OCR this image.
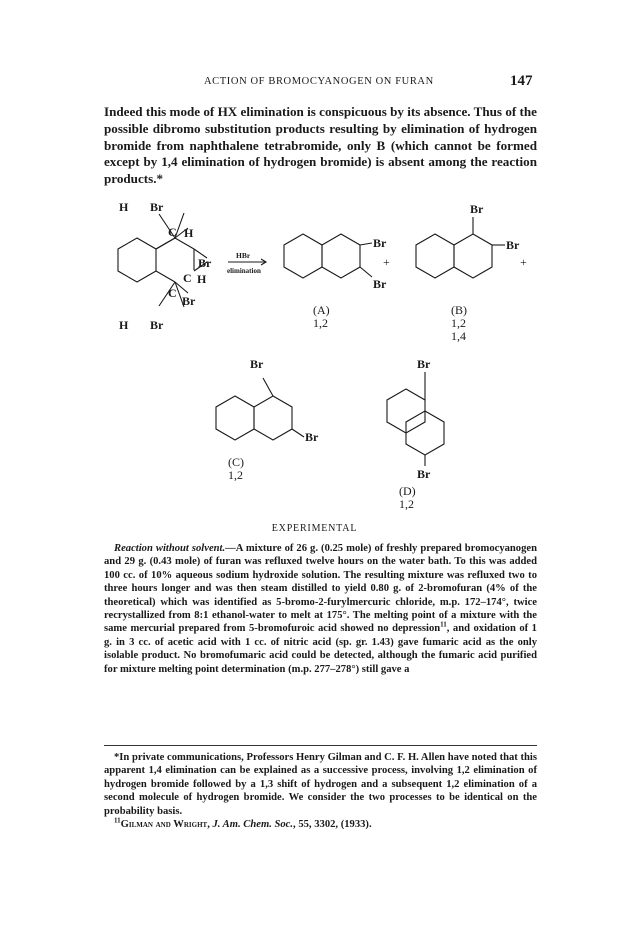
ACTION OF BROMOCYANOGEN ON FURAN	147

Indeed this mode of HX elimination is conspicuous by its absence. Thus of the possible dibromo substitution products resulting by elimination of hydrogen bromide from naphthalene tetrabromide, only B (which cannot be formed except by 1,4 elimination of hydrogen bromide) is absent among the reaction products.*

H Br
C H
Br
C H
C
Br
H Br
HBr
elimination
Br
Br
(A)
1,2
+	+
Br
Br
(B)
1,2
1,4
Br
Br
(C)
1,2
Br
Br
(D)
1,2
EXPERIMENTAL

Reaction without solvent.—A mixture of 26 g. (0.25 mole) of freshly prepared bromocyanogen and 29 g. (0.43 mole) of furan was refluxed twelve hours on the water bath. To this was added 100 cc. of 10% aqueous sodium hydroxide solution. The resulting mixture was refluxed two to three hours longer and was then steam distilled to yield 0.80 g. of 2-bromofuran (4% of the theoretical) which was identified as 5-bromo-2-furylmercuric chloride, m.p. 172–174°, twice recrystallized from 8:1 ethanol-water to melt at 175°. The melting point of a mixture with the same mercurial prepared from 5-bromofuroic acid showed no depression$^{11}$, and oxidation of 1 g. in 3 cc. of acetic acid with 1 cc. of nitric acid (sp. gr. 1.43) gave fumaric acid as the only isolable product. No bromofumaric acid could be detected, although the fumaric acid purified for mixture melting point determination (m.p. 277–278°) still gave a

*In private communications, Professors Henry Gilman and C. F. H. Allen have noted that this apparent 1,4 elimination can be explained as a successive process, involving 1,2 elimination of hydrogen bromide followed by a 1,3 shift of hydrogen and a subsequent 1,2 elimination of a second molecule of hydrogen bromide. We consider the two processes to be identical on the probability basis.

$^{11}$Gilman and Wright, J. Am. Chem. Soc., 55, 3302, (1933).
